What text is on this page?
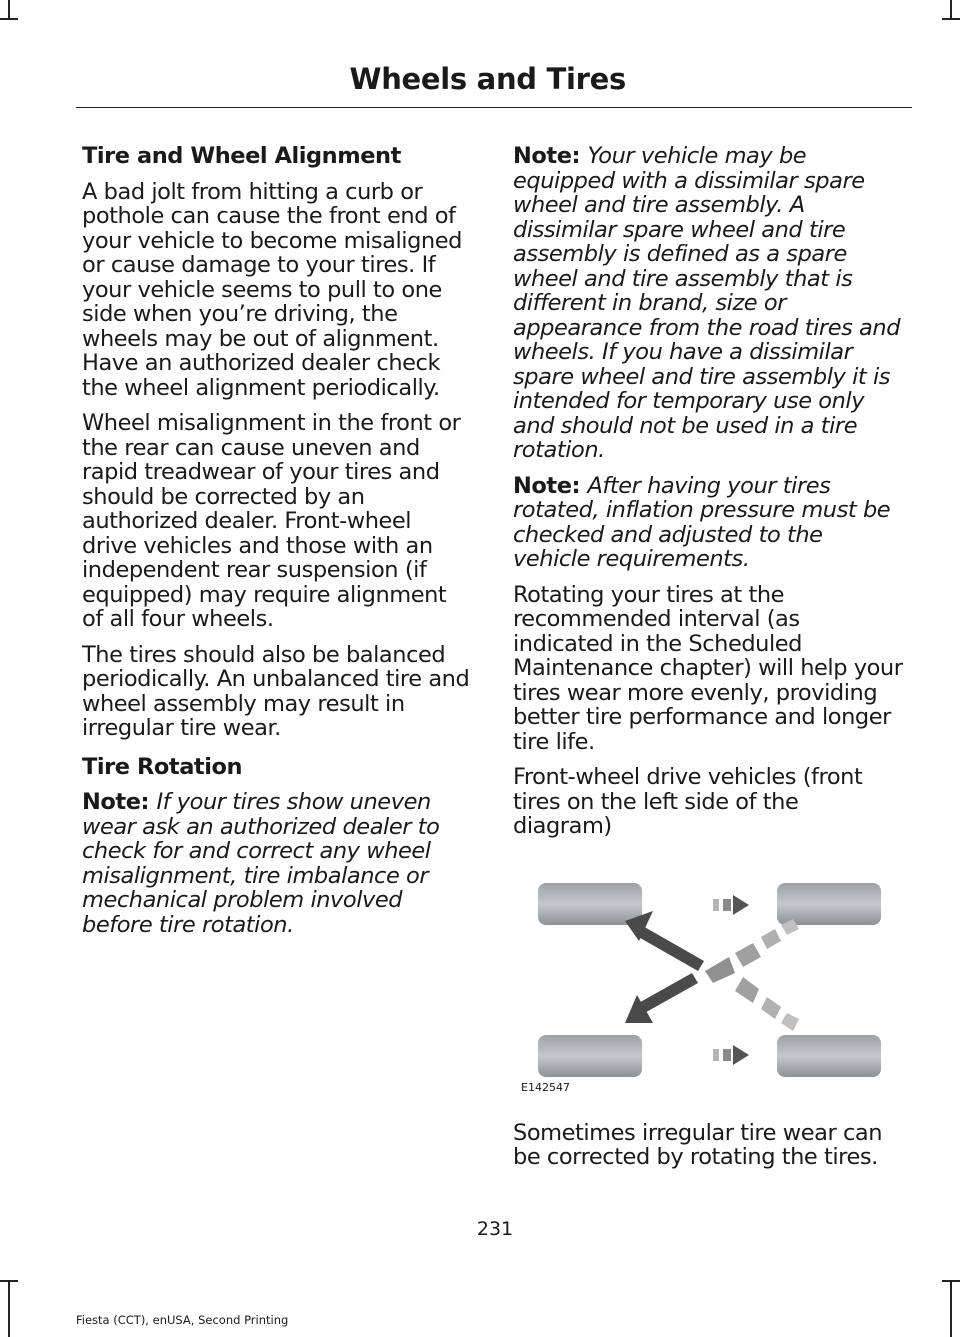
Wheels and Tires
Tire and Wheel Alignment

A bad jolt from hitting a curb or pothole can cause the front end of your vehicle to become misaligned or cause damage to your tires. If your vehicle seems to pull to one side when you’re driving, the wheels may be out of alignment. Have an authorized dealer check the wheel alignment periodically.

Wheel misalignment in the front or the rear can cause uneven and rapid treadwear of your tires and should be corrected by an authorized dealer. Front-wheel drive vehicles and those with an independent rear suspension (if equipped) may require alignment of all four wheels.

The tires should also be balanced periodically. An unbalanced tire and wheel assembly may result in irregular tire wear.

Tire Rotation

Note: If your tires show uneven wear ask an authorized dealer to check for and correct any wheel misalignment, tire imbalance or mechanical problem involved before tire rotation.

Note: Your vehicle may be equipped with a dissimilar spare wheel and tire assembly. A dissimilar spare wheel and tire assembly is defined as a spare wheel and tire assembly that is different in brand, size or appearance from the road tires and wheels. If you have a dissimilar spare wheel and tire assembly it is intended for temporary use only and should not be used in a tire rotation.

Note: After having your tires rotated, inflation pressure must be checked and adjusted to the vehicle requirements.

Rotating your tires at the recommended interval (as indicated in the Scheduled Maintenance chapter) will help your tires wear more evenly, providing better tire performance and longer tire life.

Front-wheel drive vehicles (front tires on the left side of the diagram)

E142547

Sometimes irregular tire wear can be corrected by rotating the tires.

231
Fiesta (CCT), enUSA, Second Printing
